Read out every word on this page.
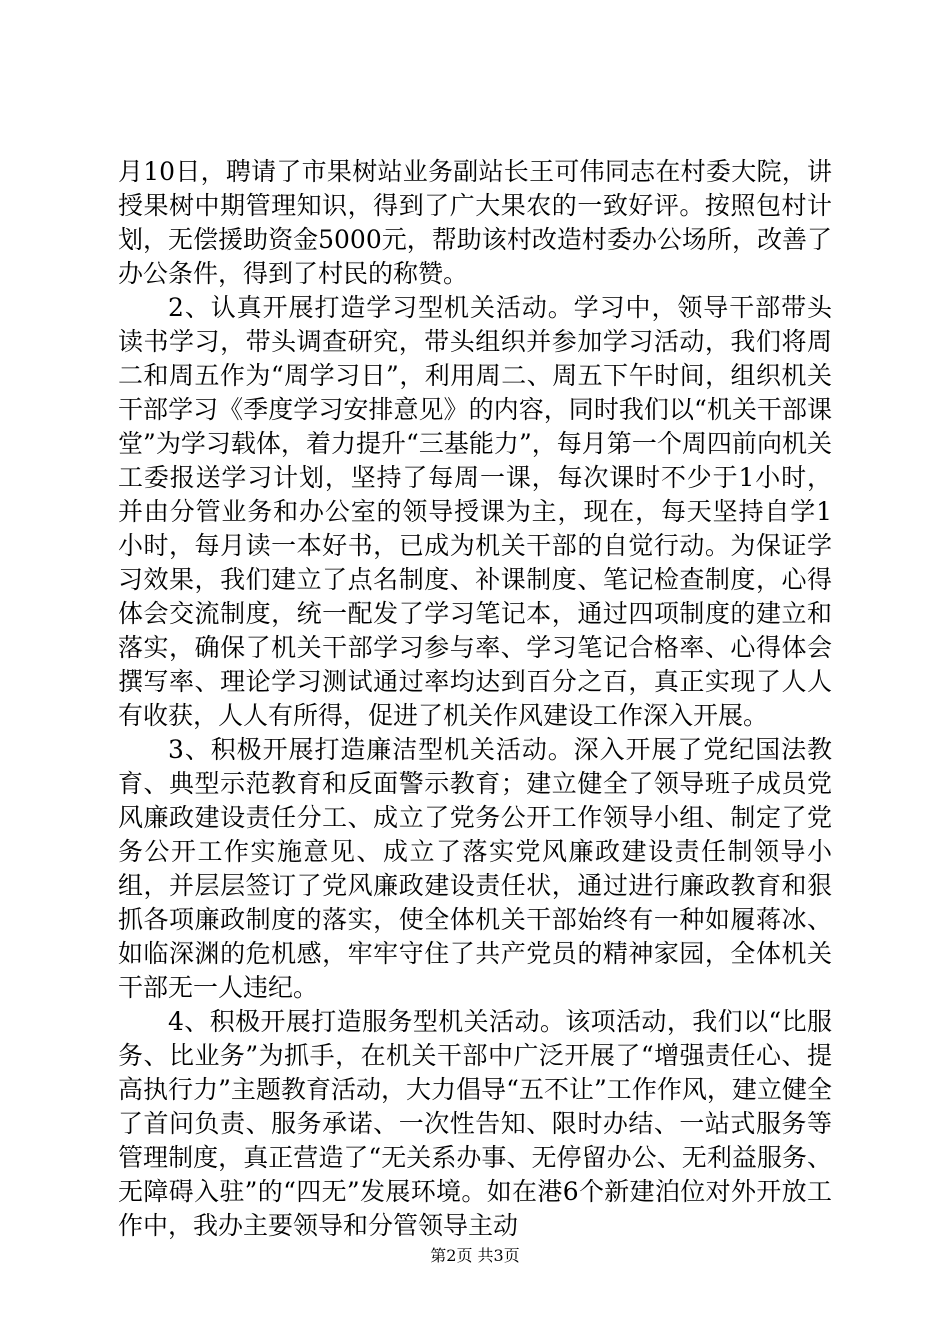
月10日，聘请了市果树站业务副站长王可伟同志在村委大院，讲授果树中期管理知识，得到了广大果农的一致好评。按照包村计划，无偿援助资金5000元，帮助该村改造村委办公场所，改善了办公条件，得到了村民的称赞。

2、认真开展打造学习型机关活动。学习中，领导干部带头读书学习，带头调查研究，带头组织并参加学习活动，我们将周二和周五作为“周学习日”，利用周二、周五下午时间，组织机关干部学习《季度学习安排意见》的内容，同时我们以“机关干部课堂”为学习载体，着力提升“三基能力”，每月第一个周四前向机关工委报送学习计划，坚持了每周一课，每次课时不少于1小时，并由分管业务和办公室的领导授课为主，现在，每天坚持自学1小时，每月读一本好书，已成为机关干部的自觉行动。为保证学习效果，我们建立了点名制度、补课制度、笔记检查制度，心得体会交流制度，统一配发了学习笔记本，通过四项制度的建立和落实，确保了机关干部学习参与率、学习笔记合格率、心得体会撰写率、理论学习测试通过率均达到百分之百，真正实现了人人有收获，人人有所得，促进了机关作风建设工作深入开展。

3、积极开展打造廉洁型机关活动。深入开展了党纪国法教育、典型示范教育和反面警示教育；建立健全了领导班子成员党风廉政建设责任分工、成立了党务公开工作领导小组、制定了党务公开工作实施意见、成立了落实党风廉政建设责任制领导小组，并层层签订了党风廉政建设责任状，通过进行廉政教育和狠抓各项廉政制度的落实，使全体机关干部始终有一种如履蒋冰、如临深渊的危机感，牢牢守住了共产党员的精神家园，全体机关干部无一人违纪。

4、积极开展打造服务型机关活动。该项活动，我们以“比服务、比业务”为抓手，在机关干部中广泛开展了“增强责任心、提高执行力”主题教育活动，大力倡导“五不让”工作作风，建立健全了首问负责、服务承诺、一次性告知、限时办结、一站式服务等管理制度，真正营造了“无关系办事、无停留办公、无利益服务、无障碍入驻”的“四无”发展环境。如在港6个新建泊位对外开放工作中，我办主要领导和分管领导主动

第2页 共3页
